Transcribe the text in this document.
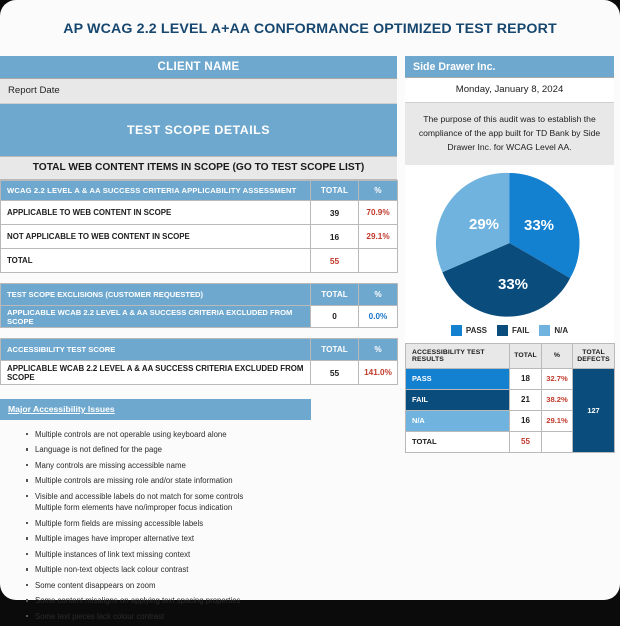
AP WCAG 2.2 LEVEL A+AA CONFORMANCE OPTIMIZED TEST REPORT
CLIENT NAME
Report Date
TEST SCOPE DETAILS
TOTAL WEB CONTENT ITEMS IN SCOPE (GO TO TEST SCOPE LIST)
WCAG 2.2 LEVEL A & AA SUCCESS CRITERIA APPLICABILITY ASSESSMENT	TOTAL	%
APPLICABLE TO WEB CONTENT IN SCOPE	39	70.9%
NOT APPLICABLE TO WEB CONTENT IN SCOPE	16	29.1%
TOTAL	55	
TEST SCOPE EXCLISIONS (CUSTOMER REQUESTED)	TOTAL	%
APPLICABLE WCAB 2.2 LEVEL A & AA SUCCESS CRITERIA EXCLUDED FROM SCOPE	0	0.0%
ACCESSIBILITY TEST SCORE	TOTAL	%
APPLICABLE WCAB 2.2 LEVEL A & AA SUCCESS CRITERIA EXCLUDED FROM SCOPE	55	141.0%
Major Accessibility Issues
Multiple controls are not operable using keyboard alone
Language is not defined for the page
Many controls are missing accessible name
Multiple controls are missing role and/or state information
Visible and accessible labels do not match for some controls Multiple form elements have no/improper focus indication
Multiple form fields are missing accessible labels
Multiple images have improper alternative text
Multiple instances of link text missing context
Multiple non-text objects lack colour contrast
Some content disappears on zoom
Some content misaligns on applying text spacing properties
Some text pieces lack colour contrast
Side Drawer Inc.
Monday, January 8, 2024
The purpose of this audit was to establish the compliance of the app built for TD Bank by Side Drawer Inc. for WCAG Level AA.
33%
33%
29%
PASS	FAIL	N/A
ACCESSIBILITY TEST RESULTS	TOTAL	%	TOTAL
DEFECTS
PASS	18	32.7%	127
FAIL	21	38.2%	
N/A	16	29.1%	
TOTAL	55		
